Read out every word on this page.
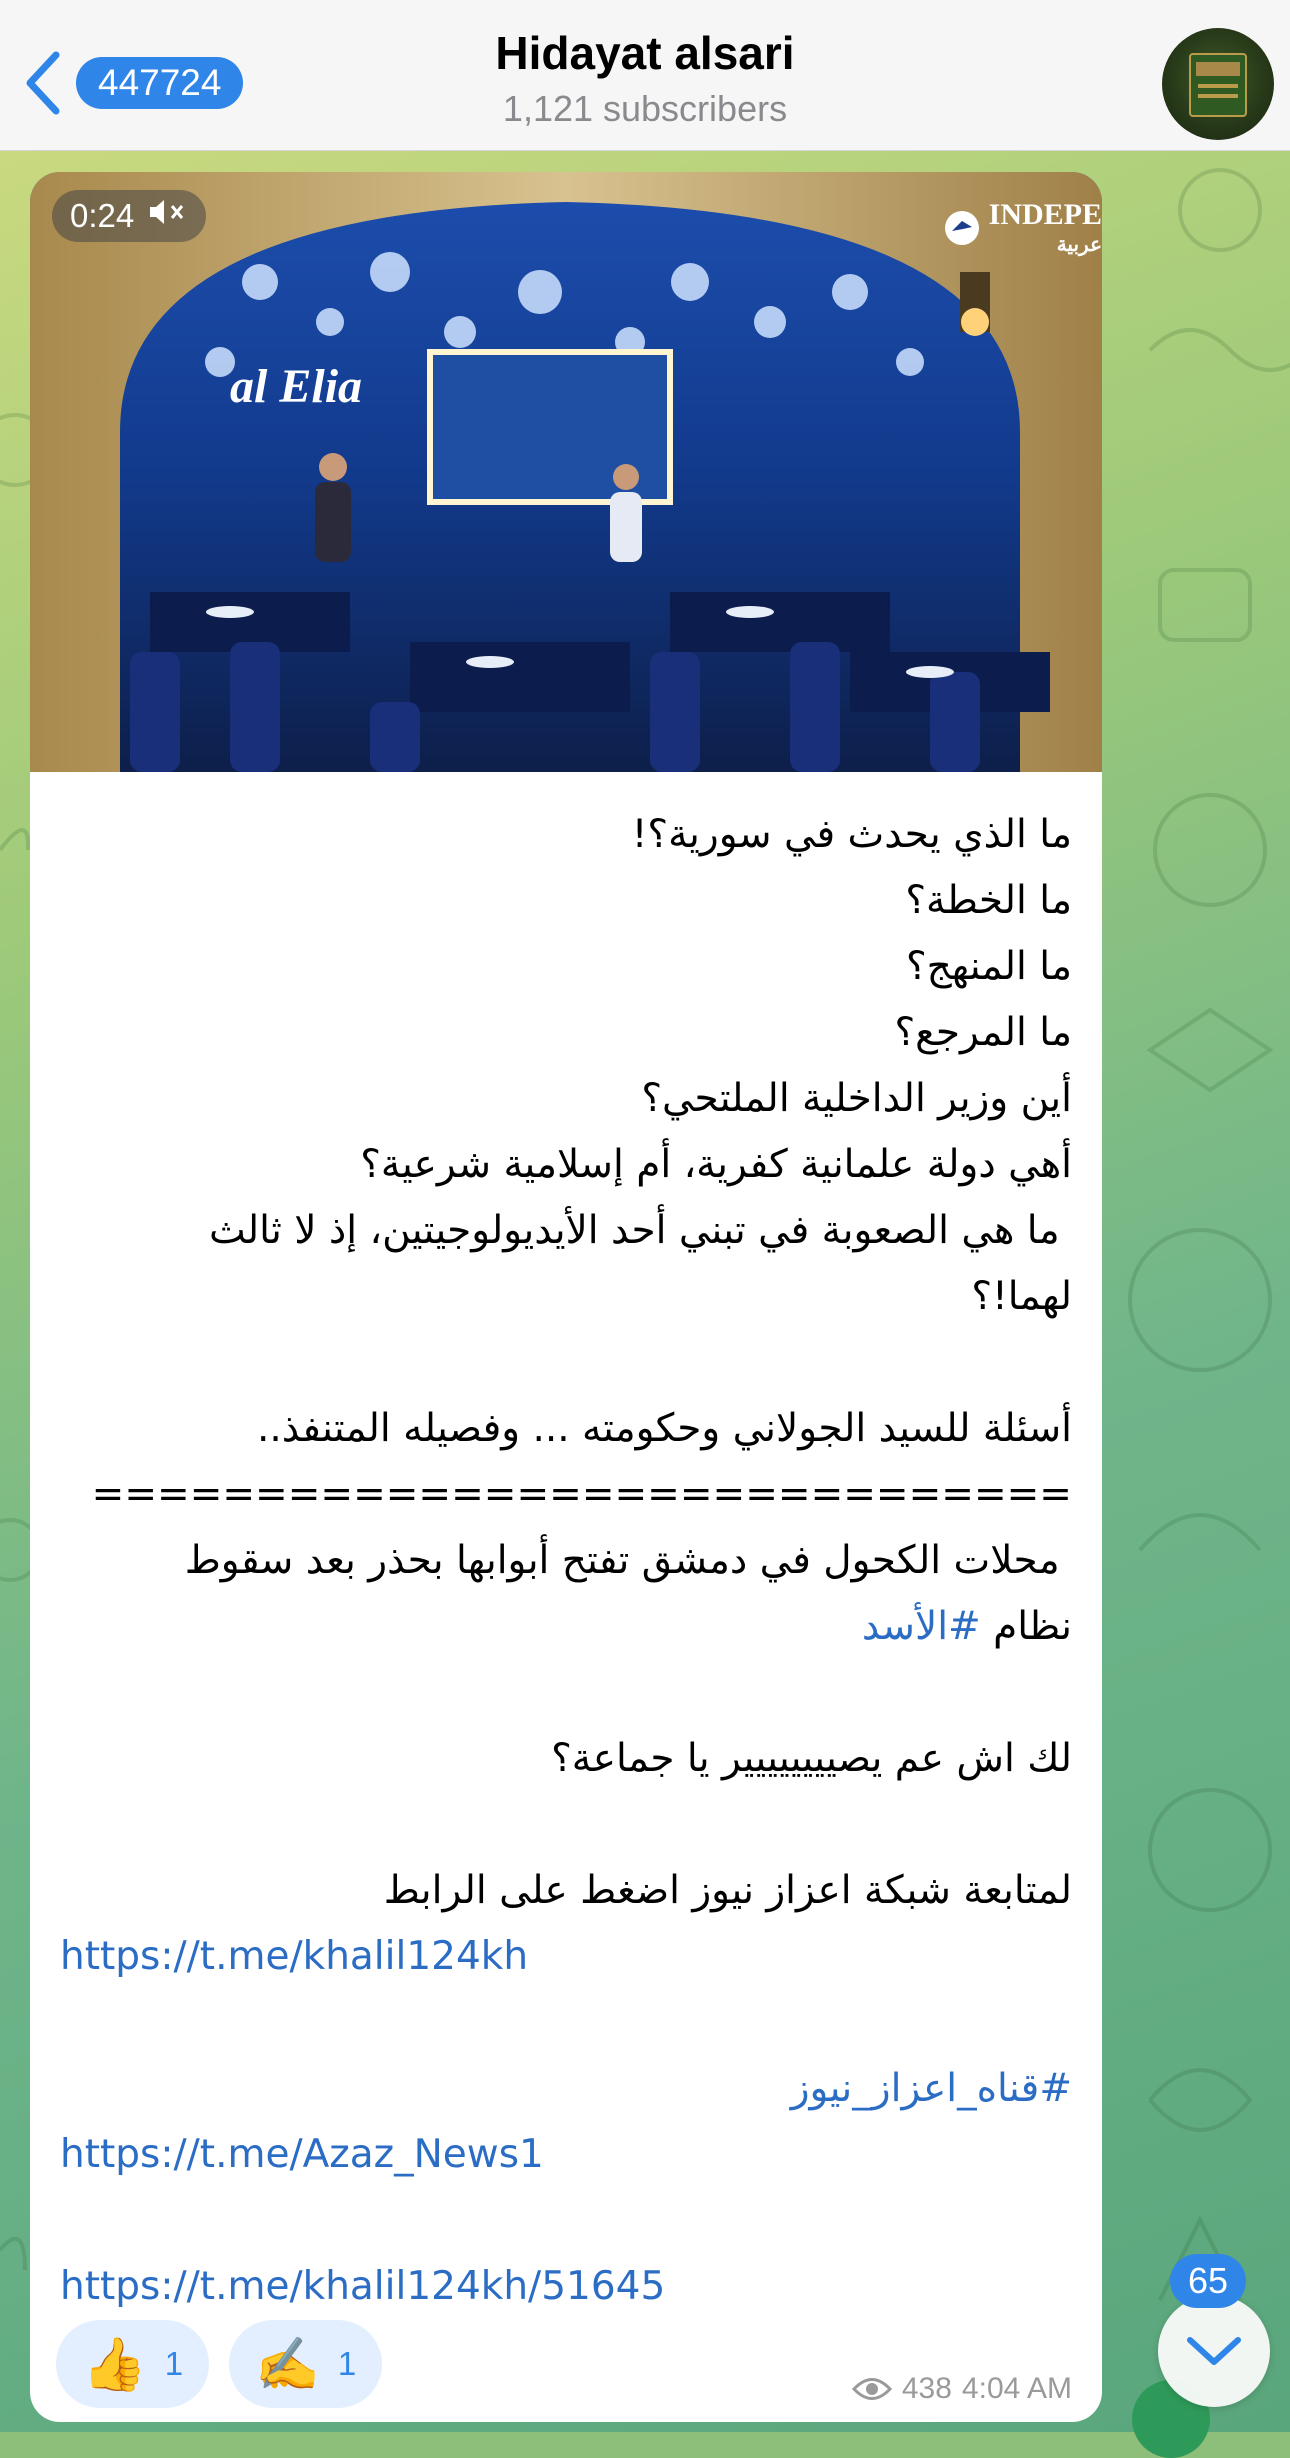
447724
Hidayat alsari
1,121 subscribers
al Elia
0:24	INDEPE
عربية
ما الذي يحدث في سورية؟!
ما الخطة؟
ما المنهج؟
ما المرجع؟
أين وزير الداخلية الملتحي؟
أهي دولة علمانية كفرية، أم إسلامية شرعية؟
ما هي الصعوبة في تبني أحد الأيديولوجيتين، إذ لا ثالث
لهما!؟
أسئلة للسيد الجولاني وحكومته ... وفصيله المتنفذ..
==============================
محلات الكحول في دمشق تفتح أبوابها بحذر بعد سقوط
نظام #الأسد
لك اش عم يصيييييييير يا جماعة؟
لمتابعة شبكة اعزاز نيوز اضغط على الرابط
https://t.me/khalil124kh
#قناه_اعزاز_نيوز
https://t.me/Azaz_News1
https://t.me/khalil124kh/51645
👍 1 ✍️ 1
438 4:04 AM
65
